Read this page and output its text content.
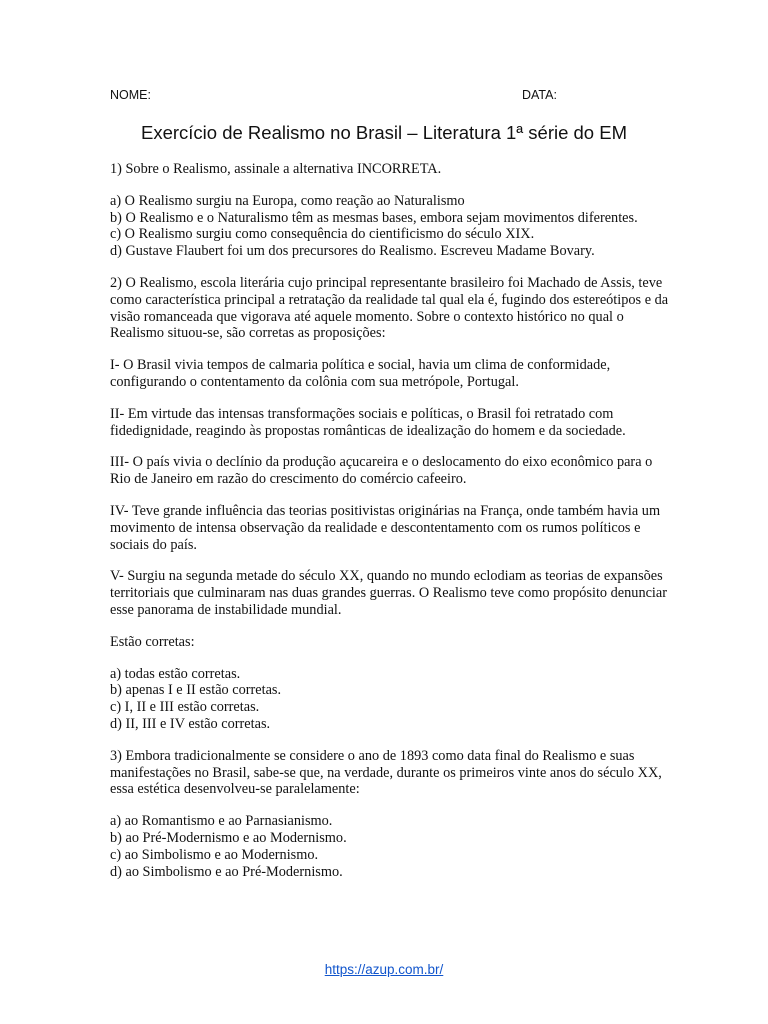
NOME:	DATA:
Exercício de Realismo no Brasil – Literatura 1ª série do EM

1) Sobre o Realismo, assinale a alternativa INCORRETA.

a) O Realismo surgiu na Europa, como reação ao Naturalismo

b) O Realismo e o Naturalismo têm as mesmas bases, embora sejam movimentos diferentes.

c) O Realismo surgiu como consequência do cientificismo do século XIX.

d) Gustave Flaubert foi um dos precursores do Realismo. Escreveu Madame Bovary.

2) O Realismo, escola literária cujo principal representante brasileiro foi Machado de Assis, teve como característica principal a retratação da realidade tal qual ela é, fugindo dos estereótipos e da visão romanceada que vigorava até aquele momento. Sobre o contexto histórico no qual o Realismo situou-se, são corretas as proposições:

I- O Brasil vivia tempos de calmaria política e social, havia um clima de conformidade, configurando o contentamento da colônia com sua metrópole, Portugal.

II- Em virtude das intensas transformações sociais e políticas, o Brasil foi retratado com fidedignidade, reagindo às propostas românticas de idealização do homem e da sociedade.

III- O país vivia o declínio da produção açucareira e o deslocamento do eixo econômico para o Rio de Janeiro em razão do crescimento do comércio cafeeiro.

IV- Teve grande influência das teorias positivistas originárias na França, onde também havia um movimento de intensa observação da realidade e descontentamento com os rumos políticos e sociais do país.

V- Surgiu na segunda metade do século XX, quando no mundo eclodiam as teorias de expansões territoriais que culminaram nas duas grandes guerras. O Realismo teve como propósito denunciar esse panorama de instabilidade mundial.

Estão corretas:

a) todas estão corretas.

b) apenas I e II estão corretas.

c) I, II e III estão corretas.

d) II, III e IV estão corretas.

3) Embora tradicionalmente se considere o ano de 1893 como data final do Realismo e suas manifestações no Brasil, sabe-se que, na verdade, durante os primeiros vinte anos do século XX, essa estética desenvolveu-se paralelamente:

a) ao Romantismo e ao Parnasianismo.

b) ao Pré-Modernismo e ao Modernismo.

c) ao Simbolismo e ao Modernismo.

d) ao Simbolismo e ao Pré-Modernismo.

https://azup.com.br/
